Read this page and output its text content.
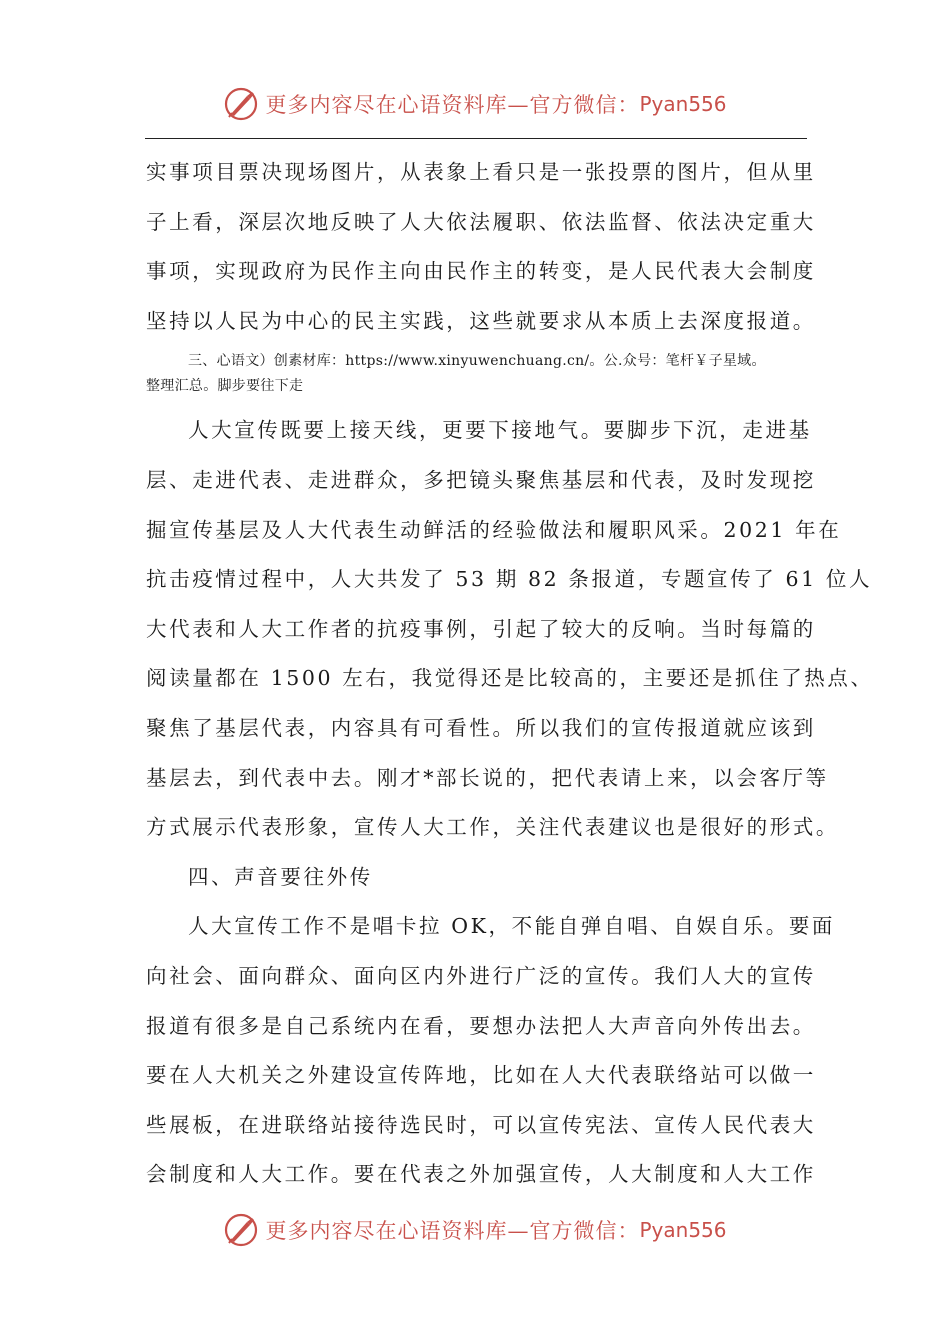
更多内容尽在心语资料库—官方微信： Pyan556

实事项目票决现场图片，从表象上看只是一张投票的图片，但从里
子上看，深层次地反映了人大依法履职、依法监督、依法决定重大
事项，实现政府为民作主向由民作主的转变，是人民代表大会制度
坚持以人民为中心的民主实践，这些就要求从本质上去深度报道。

三、心语文）创素材库：https://www.xinyuwenchuang.cn/。公.众号：笔杆￥子星域。
整理汇总。脚步要往下走

人大宣传既要上接天线，更要下接地气。要脚步下沉，走进基
层、走进代表、走进群众，多把镜头聚焦基层和代表，及时发现挖
掘宣传基层及人大代表生动鲜活的经验做法和履职风采。2021 年在
抗击疫情过程中，人大共发了 53 期 82 条报道，专题宣传了 61 位人
大代表和人大工作者的抗疫事例，引起了较大的反响。当时每篇的
阅读量都在 1500 左右，我觉得还是比较高的，主要还是抓住了热点、
聚焦了基层代表，内容具有可看性。所以我们的宣传报道就应该到
基层去，到代表中去。刚才*部长说的，把代表请上来，以会客厅等
方式展示代表形象，宣传人大工作，关注代表建议也是很好的形式。

四、声音要往外传

人大宣传工作不是唱卡拉 OK，不能自弹自唱、自娱自乐。要面
向社会、面向群众、面向区内外进行广泛的宣传。我们人大的宣传
报道有很多是自己系统内在看，要想办法把人大声音向外传出去。
要在人大机关之外建设宣传阵地，比如在人大代表联络站可以做一
些展板，在进联络站接待选民时，可以宣传宪法、宣传人民代表大
会制度和人大工作。要在代表之外加强宣传，人大制度和人大工作

更多内容尽在心语资料库—官方微信： Pyan556
